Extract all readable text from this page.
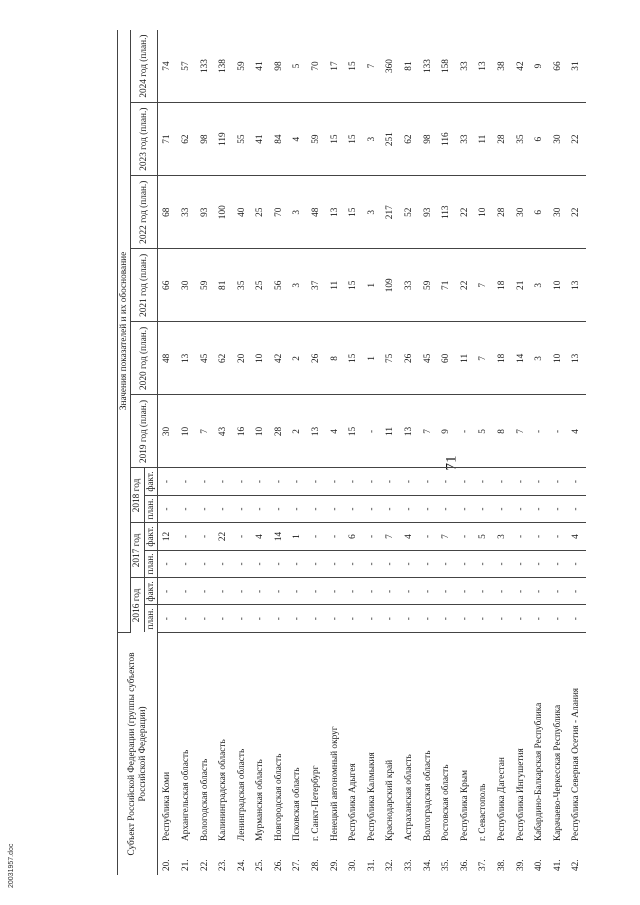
71
20031957.doc
Субъект Российской Федерации (группы субъектов Российской Федерации)		Значения показателей и их обоснование											
		2016 год		2017 год		2018 год		2019 год (план.)	2020 год (план.)	2021 год (план.)	2022 год (план.)	2023 год (план.)	2024 год (план.)
		план.	факт.	план.	факт.	план.	факт.						
20.	Республика Коми	-	-	-	12	-	-	30	48	66	68	71	74
21.	Архангельская область	-	-	-	-	-	-	10	13	30	33	62	57
22.	Вологодская область	-	-	-	-	-	-	7	45	59	93	98	133
23.	Калининградская область	-	-	-	22	-	-	43	62	81	100	119	138
24.	Ленинградская область	-	-	-	-	-	-	16	20	35	40	55	59
25.	Мурманская область	-	-	-	4	-	-	10	10	25	25	41	41
26.	Новгородская область	-	-	-	14	-	-	28	42	56	70	84	98
27.	Псковская область	-	-	-	1	-	-	2	2	3	3	4	5
28.	г. Санкт-Петербург	-	-	-	-	-	-	13	26	37	48	59	70
29.	Ненецкий автономный округ	-	-	-	-	-	-	4	8	11	13	15	17
30.	Республика Адыгея	-	-	-	6	-	-	15	15	15	15	15	15
31.	Республика Калмыкия	-	-	-	-	-	-	-	1	1	3	3	7
32.	Краснодарский край	-	-	-	7	-	-	11	75	109	217	251	360
33.	Астраханская область	-	-	-	4	-	-	13	26	33	52	62	81
34.	Волгоградская область	-	-	-	-	-	-	7	45	59	93	98	133
35.	Ростовская область	-	-	-	7	-	-	9	60	71	113	116	158
36.	Республика Крым	-	-	-	-	-	-	-	11	22	22	33	33
37.	г. Севастополь	-	-	-	5	-	-	5	7	7	10	11	13
38.	Республика Дагестан	-	-	-	3	-	-	8	18	18	28	28	38
39.	Республика Ингушетия	-	-	-	-	-	-	7	14	21	30	35	42
40.	Кабардино-Балкарская Республика	-	-	-	-	-	-	-	3	3	6	6	9
41.	Карачаево-Черкесская Республика	-	-	-	-	-	-	-	10	10	30	30	66
42.	Республика Северная Осетия - Алания	-	-	-	4	-	-	4	13	13	22	22	31
